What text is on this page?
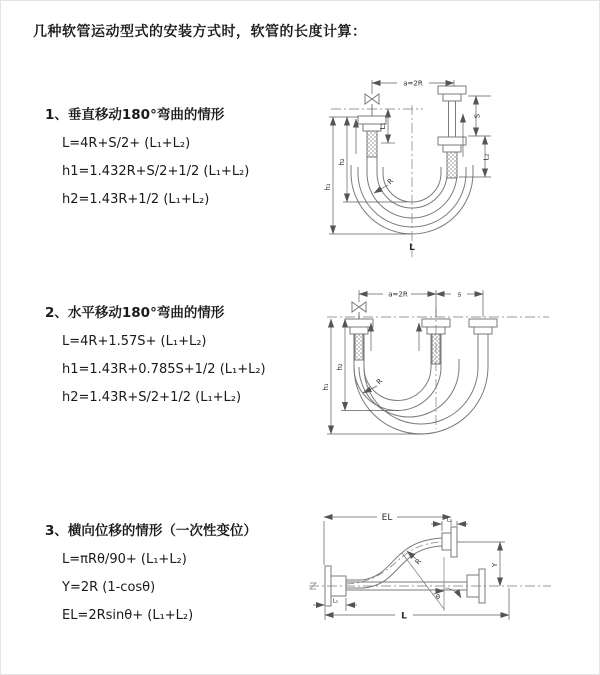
几种软管运动型式的安装方式时，软管的长度计算：
1、垂直移动180°弯曲的情形
L=4R+S/2+ (L₁+L₂)
h1=1.432R+S/2+1/2 (L₁+L₂)
h2=1.43R+1/2 (L₁+L₂)
a=2R
L₁
S
L₂
h₁
h₂
R
L
2、水平移动180°弯曲的情形
L=4R+1.57S+ (L₁+L₂)
h1=1.43R+0.785S+1/2 (L₁+L₂)
h2=1.43R+S/2+1/2 (L₁+L₂)
a=2R	s
h₁
h₂
R
3、横向位移的情形（一次性变位）
L=πRθ/90+ (L₁+L₂)
Y=2R (1-cosθ)
EL=2Rsinθ+ (L₁+L₂)
EL	L₁
Y
R
θ
L
L₁
